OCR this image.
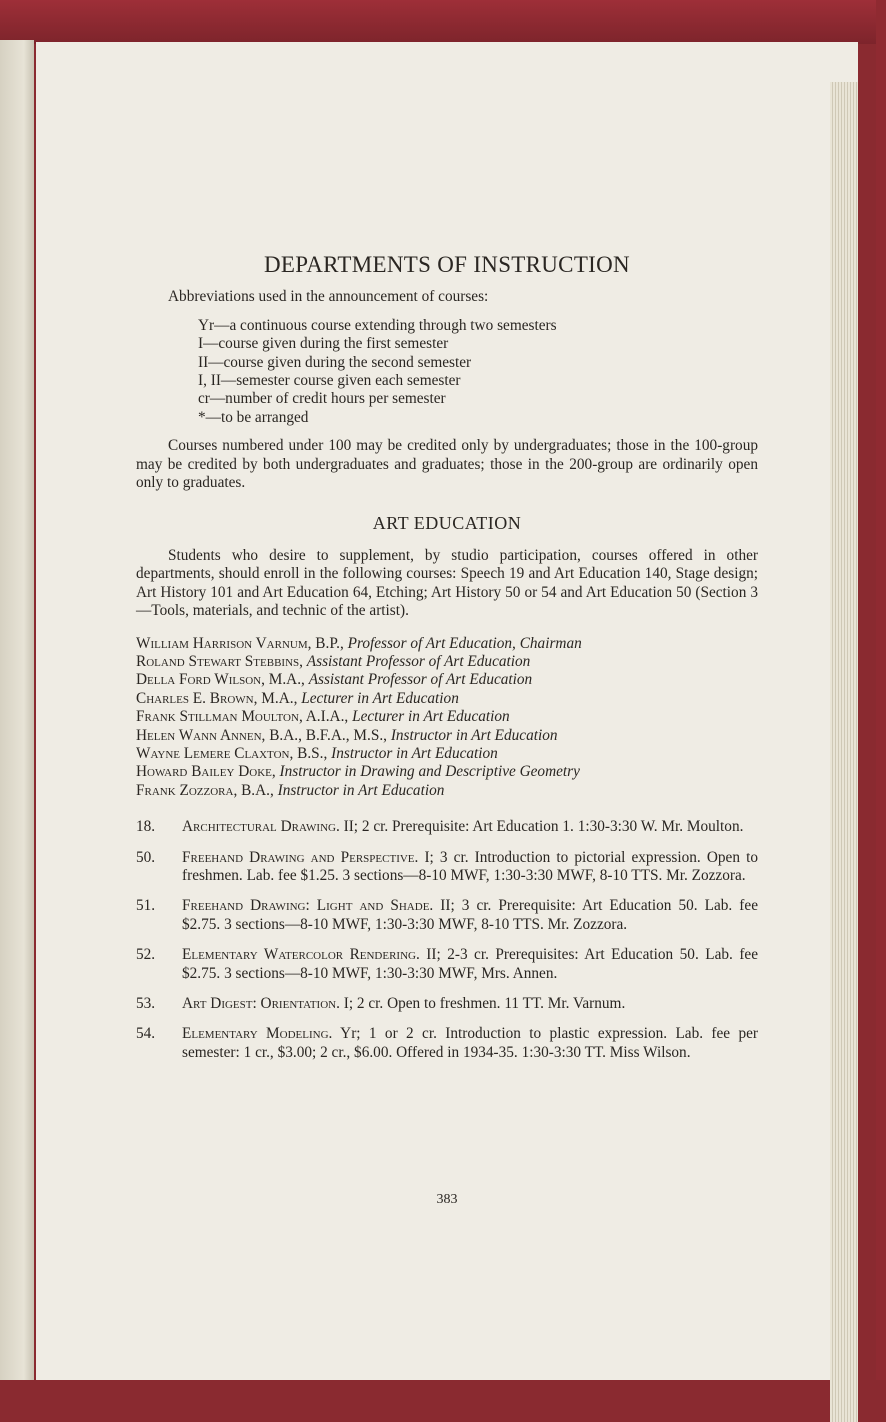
DEPARTMENTS OF INSTRUCTION

Abbreviations used in the announcement of courses:

Yr—a continuous course extending through two semesters
I—course given during the first semester
II—course given during the second semester
I, II—semester course given each semester
cr—number of credit hours per semester
*—to be arranged

Courses numbered under 100 may be credited only by undergraduates; those in the 100-group may be credited by both undergraduates and graduates; those in the 200-group are ordinarily open only to graduates.

ART EDUCATION

Students who desire to supplement, by studio participation, courses offered in other departments, should enroll in the following courses: Speech 19 and Art Education 140, Stage design; Art History 101 and Art Education 64, Etching; Art History 50 or 54 and Art Education 50 (Section 3—Tools, materials, and technic of the artist).

William Harrison Varnum, B.P., Professor of Art Education, Chairman
Roland Stewart Stebbins, Assistant Professor of Art Education
Della Ford Wilson, M.A., Assistant Professor of Art Education
Charles E. Brown, M.A., Lecturer in Art Education
Frank Stillman Moulton, A.I.A., Lecturer in Art Education
Helen Wann Annen, B.A., B.F.A., M.S., Instructor in Art Education
Wayne Lemere Claxton, B.S., Instructor in Art Education
Howard Bailey Doke, Instructor in Drawing and Descriptive Geometry
Frank Zozzora, B.A., Instructor in Art Education
18.	Architectural Drawing. II; 2 cr. Prerequisite: Art Education 1. 1:30-3:30 W. Mr. Moulton.
50.	Freehand Drawing and Perspective. I; 3 cr. Introduction to pictorial expression. Open to freshmen. Lab. fee $1.25. 3 sections—8-10 MWF, 1:30-3:30 MWF, 8-10 TTS. Mr. Zozzora.
51.	Freehand Drawing: Light and Shade. II; 3 cr. Prerequisite: Art Education 50. Lab. fee $2.75. 3 sections—8-10 MWF, 1:30-3:30 MWF, 8-10 TTS. Mr. Zozzora.
52.	Elementary Watercolor Rendering. II; 2-3 cr. Prerequisites: Art Education 50. Lab. fee $2.75. 3 sections—8-10 MWF, 1:30-3:30 MWF, Mrs. Annen.
53.	Art Digest: Orientation. I; 2 cr. Open to freshmen. 11 TT. Mr. Varnum.
54.	Elementary Modeling. Yr; 1 or 2 cr. Introduction to plastic expression. Lab. fee per semester: 1 cr., $3.00; 2 cr., $6.00. Offered in 1934-35. 1:30-3:30 TT. Miss Wilson.
383
